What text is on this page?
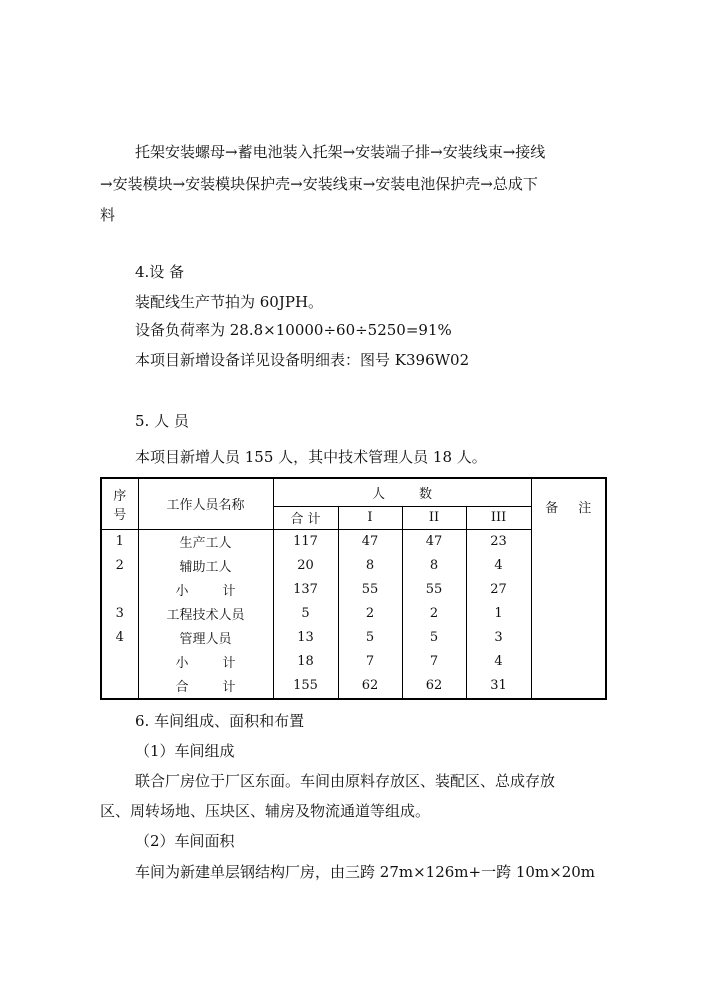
托架安装螺母→蓄电池装入托架→安装端子排→安装线束→接线
→安装模块→安装模块保护壳→安装线束→安装电池保护壳→总成下
料
4.设 备
装配线生产节拍为 60JPH。
设备负荷率为 28.8×10000÷60÷5250=91%
本项目新增设备详见设备明细表：图号 K396W02
5. 人 员
本项目新增人员 155 人，其中技术管理人员 18 人。
序
号	工作人员名称	人 数				备 注
		合 计	I	II	III	
1	生产工人	117	47	47	23	
2	辅助工人	20	8	8	4	
	小 计	137	55	55	27	
3	工程技术人员	5	2	2	1	
4	管理人员	13	5	5	3	
	小 计	18	7	7	4	
	合 计	155	62	62	31	
6. 车间组成、面积和布置
（1）车间组成
联合厂房位于厂区东面。车间由原料存放区、装配区、总成存放
区、周转场地、压块区、辅房及物流通道等组成。
（2）车间面积
车间为新建单层钢结构厂房，由三跨 27m×126m+一跨 10m×20m
